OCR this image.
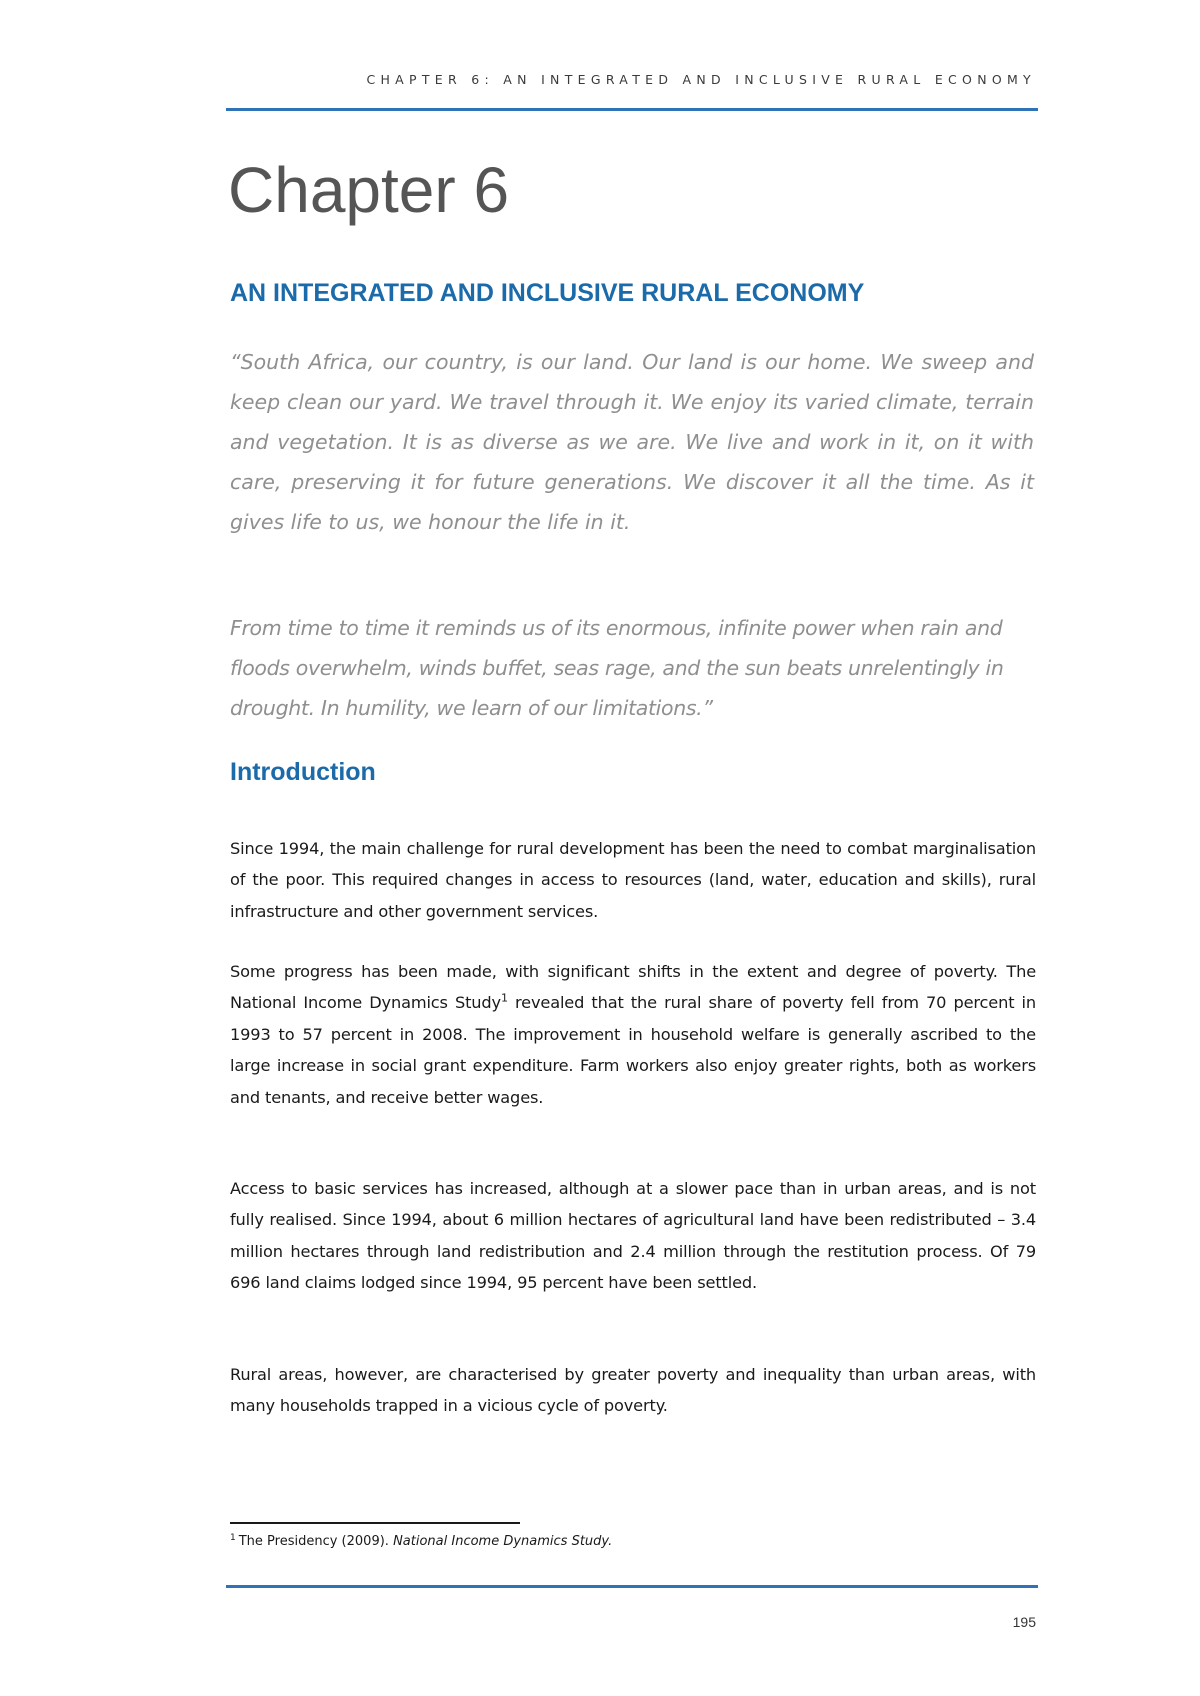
CHAPTER 6: AN INTEGRATED AND INCLUSIVE RURAL ECONOMY
Chapter 6
AN INTEGRATED AND INCLUSIVE RURAL ECONOMY

“South Africa, our country, is our land. Our land is our home. We sweep and keep clean our yard. We travel through it. We enjoy its varied climate, terrain and vegetation. It is as diverse as we are. We live and work in it, on it with care, preserving it for future generations. We discover it all the time. As it gives life to us, we honour the life in it.

From time to time it reminds us of its enormous, infinite power when rain and floods overwhelm, winds buffet, seas rage, and the sun beats unrelentingly in drought. In humility, we learn of our limitations.”

Introduction

Since 1994, the main challenge for rural development has been the need to combat marginalisation of the poor. This required changes in access to resources (land, water, education and skills), rural infrastructure and other government services.

Some progress has been made, with significant shifts in the extent and degree of poverty. The National Income Dynamics Study$^1$ revealed that the rural share of poverty fell from 70 percent in 1993 to 57 percent in 2008. The improvement in household welfare is generally ascribed to the large increase in social grant expenditure. Farm workers also enjoy greater rights, both as workers and tenants, and receive better wages.

Access to basic services has increased, although at a slower pace than in urban areas, and is not fully realised. Since 1994, about 6 million hectares of agricultural land have been redistributed – 3.4 million hectares through land redistribution and 2.4 million through the restitution process. Of 79 696 land claims lodged since 1994, 95 percent have been settled.

Rural areas, however, are characterised by greater poverty and inequality than urban areas, with many households trapped in a vicious cycle of poverty.

$^1$ The Presidency (2009). National Income Dynamics Study.
195
